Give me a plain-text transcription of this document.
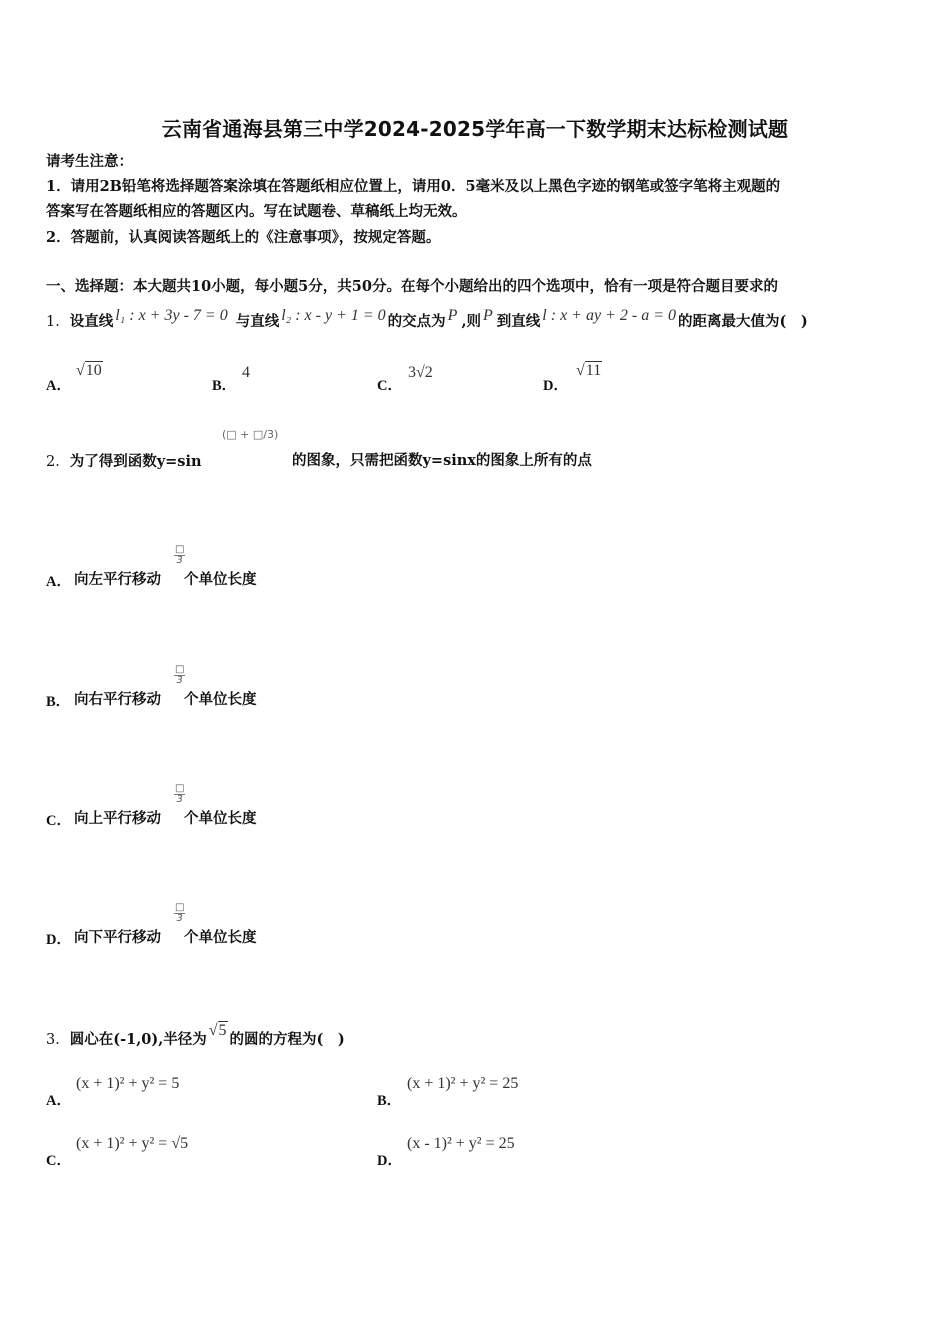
云南省通海县第三中学2024-2025学年高一下数学期末达标检测试题
请考生注意：
1．请用2B铅笔将选择题答案涂填在答题纸相应位置上，请用0．5毫米及以上黑色字迹的钢笔或签字笔将主观题的
答案写在答题纸相应的答题区内。写在试题卷、草稿纸上均无效。
2．答题前，认真阅读答题纸上的《注意事项》，按规定答题。
一、选择题：本大题共10小题，每小题5分，共50分。在每个小题给出的四个选项中，恰有一项是符合题目要求的
1． 设直线 l₁ : x + 3y - 7 = 0 与直线 l₂ : x - y + 1 = 0 的交点为 P ,则 P 到直线 l : x + ay + 2 - a = 0 的距离最大值为(　)
A．
√10
B．
4
C．
3√2
D．
√11
2．为了得到函数y=sin
(□ + □/3)
的图象，只需把函数y=sinx的图象上所有的点
A． 向左平行移动
□
3
个单位长度
B． 向右平行移动
□
3
个单位长度
C． 向上平行移动
□
3
个单位长度
D． 向下平行移动
□
3
个单位长度
3． 圆心在(-1,0),半径为
√5
的圆的方程为(　)
A．
(x + 1)² + y² = 5
B．
(x + 1)² + y² = 25
C．
(x + 1)² + y² = √5
D．
(x - 1)² + y² = 25
